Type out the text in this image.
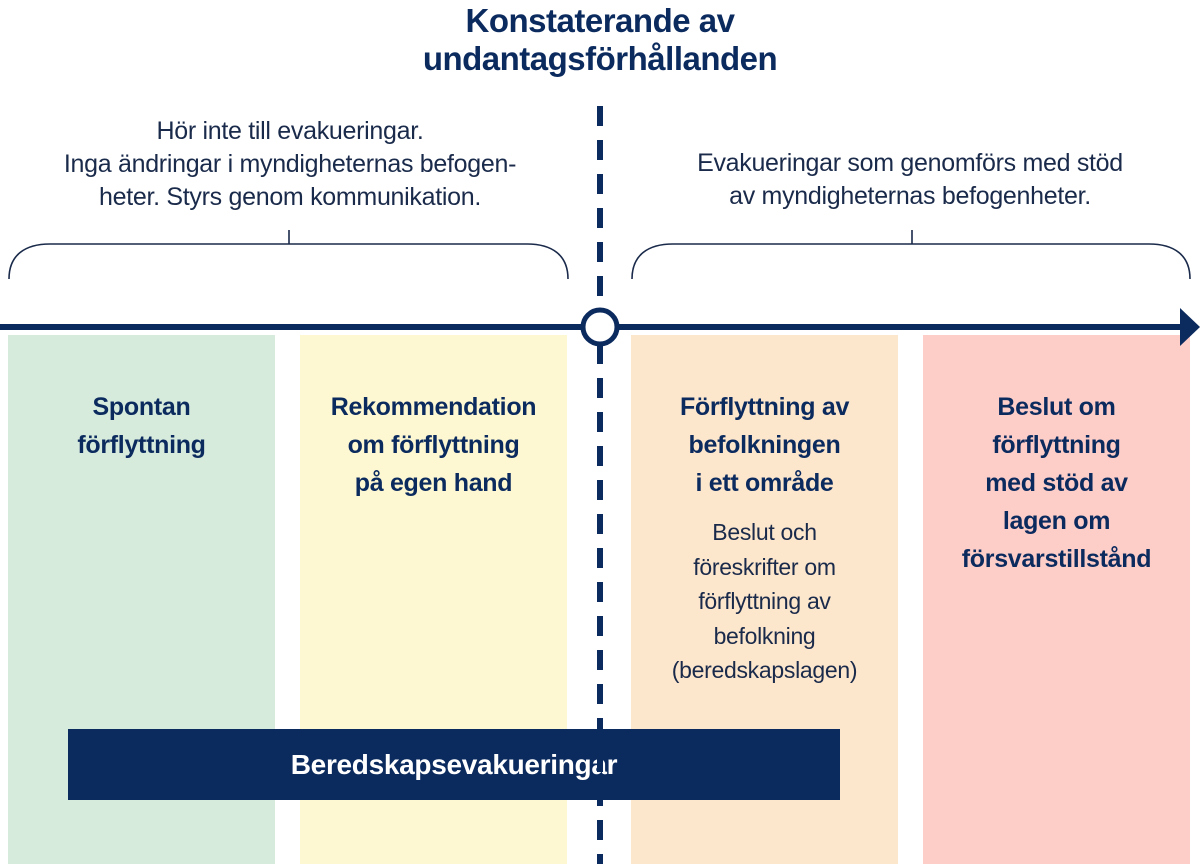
Konstaterande av
undantagsförhållanden
Hör inte till evakueringar.
Inga ändringar i myndigheternas befogen-
heter. Styrs genom kommunikation.
Evakueringar som genomförs med stöd
av myndigheternas befogenheter.
Spontan
förflyttning
Rekommendation
om förflyttning
på egen hand
Förflyttning av
befolkningen
i ett område
Beslut och
föreskrifter om
förflyttning av
befolkning
(beredskapslagen)
Beslut om
förflyttning
med stöd av
lagen om
försvarstillstånd
Beredskapsevakueringar
